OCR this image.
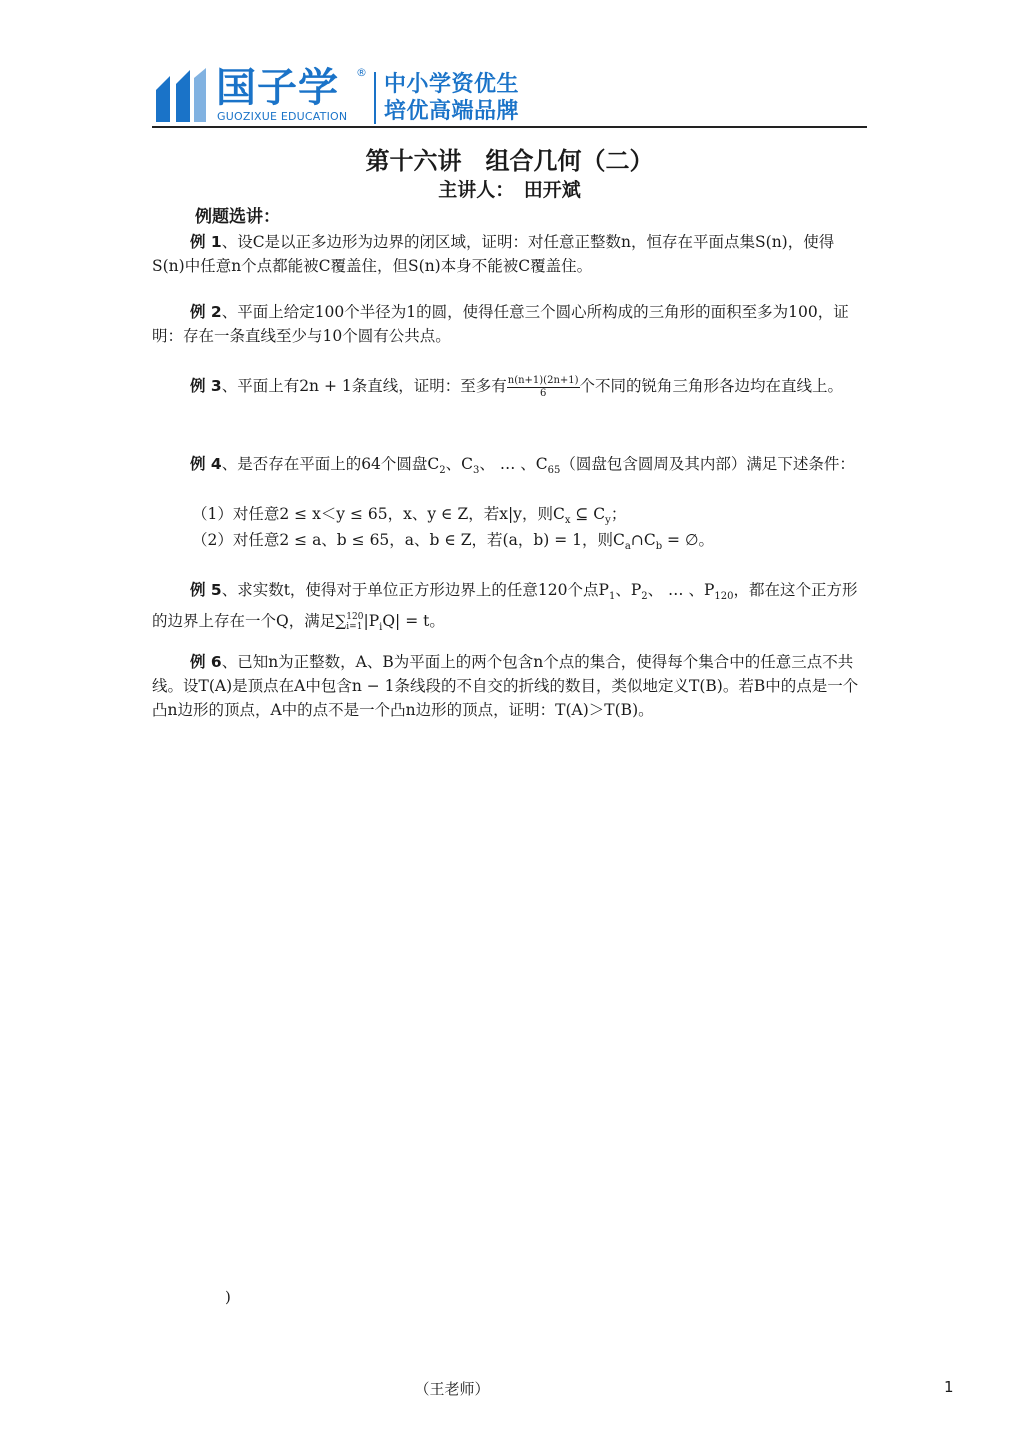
国子学 ®
GUOZIXUE EDUCATION
中小学资优生
培优高端品牌
第十六讲　组合几何（二）
主讲人：　田开斌
例题选讲：
例 1、设C是以正多边形为边界的闭区域，证明：对任意正整数n，恒存在平面点集S(n)，使得S(n)中任意n个点都能被C覆盖住，但S(n)本身不能被C覆盖住。
例 2、平面上给定100个半径为1的圆，使得任意三个圆心所构成的三角形的面积至多为100，证明：存在一条直线至少与10个圆有公共点。
例 3、平面上有2n + 1条直线，证明：至多有 $\frac{n(n+1)(2n+1)}{6}$ 个不同的锐角三角形各边均在直线上。
例 4、是否存在平面上的64个圆盘$C_2$、$C_3$、 … 、$C_{65}$（圆盘包含圆周及其内部）满足下述条件：
（1）对任意2 ≤ x＜y ≤ 65，x、y ∈ Z，若x|y，则$C_x$ ⊆ $C_y$；
（2）对任意2 ≤ a、b ≤ 65，a、b ∈ Z，若(a，b) = 1，则$C_a\cap C_b$ = ∅。
例 5、求实数t，使得对于单位正方形边界上的任意120个点$P_1$、$P_2$、 … 、$P_{120}$，都在这个正方形的边界上存在一个Q，满足∑ 120
i=1 $|P_iQ| = t$。
例 6、已知n为正整数，A、B为平面上的两个包含n个点的集合，使得每个集合中的任意三点不共线。设T(A)是顶点在A中包含n − 1条线段的不自交的折线的数目，类似地定义T(B)。若B中的点是一个凸n边形的顶点，A中的点不是一个凸n边形的顶点，证明：T(A)＞T(B)。
)
（王老师）	1
